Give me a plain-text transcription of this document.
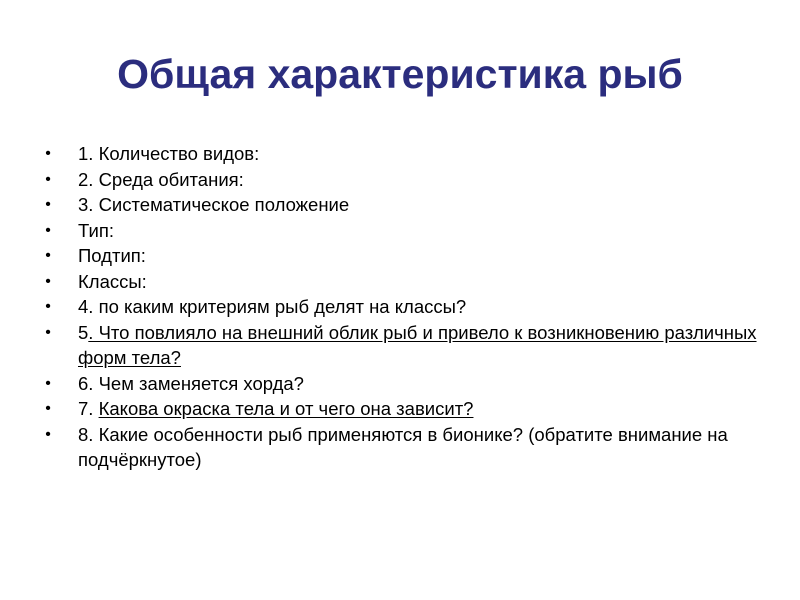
Общая характеристика рыб
• 1. Количество видов:
• 2. Среда обитания:
• 3. Систематическое положение
• Тип:
• Подтип:
• Классы:
• 4. по каким критериям рыб делят на классы?
• 5. Что повлияло на внешний облик рыб и привело к возникновению различных форм тела?
• 6. Чем заменяется хорда?
• 7. Какова окраска тела и от чего она зависит?
• 8. Какие особенности рыб применяются в бионике? (обратите внимание на подчёркнутое)
